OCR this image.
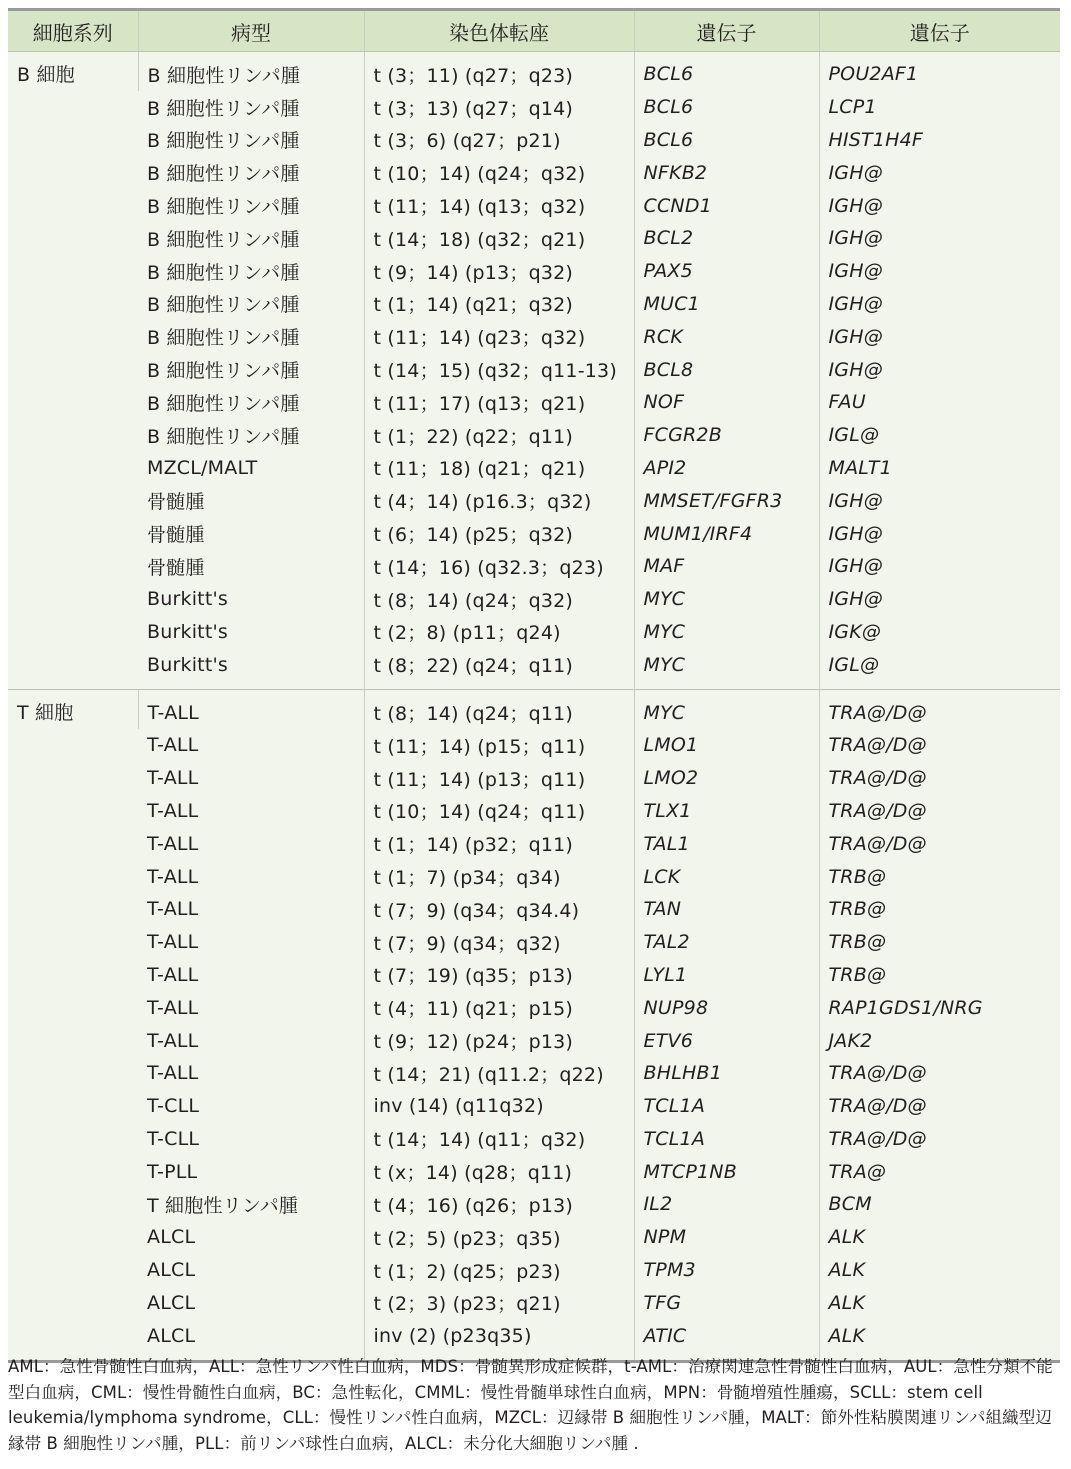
細胞系列	病型	染色体転座	遺伝子	遺伝子
B 細胞	B 細胞性リンパ腫	t (3；11) (q27；q23)	BCL6	POU2AF1
	B 細胞性リンパ腫	t (3；13) (q27；q14)	BCL6	LCP1
	B 細胞性リンパ腫	t (3；6) (q27；p21)	BCL6	HIST1H4F
	B 細胞性リンパ腫	t (10；14) (q24；q32)	NFKB2	IGH@
	B 細胞性リンパ腫	t (11；14) (q13；q32)	CCND1	IGH@
	B 細胞性リンパ腫	t (14；18) (q32；q21)	BCL2	IGH@
	B 細胞性リンパ腫	t (9；14) (p13；q32)	PAX5	IGH@
	B 細胞性リンパ腫	t (1；14) (q21；q32)	MUC1	IGH@
	B 細胞性リンパ腫	t (11；14) (q23；q32)	RCK	IGH@
	B 細胞性リンパ腫	t (14；15) (q32；q11-13)	BCL8	IGH@
	B 細胞性リンパ腫	t (11；17) (q13；q21)	NOF	FAU
	B 細胞性リンパ腫	t (1；22) (q22；q11)	FCGR2B	IGL@
	MZCL/MALT	t (11；18) (q21；q21)	API2	MALT1
	骨髄腫	t (4；14) (p16.3；q32)	MMSET/FGFR3	IGH@
	骨髄腫	t (6；14) (p25；q32)	MUM1/IRF4	IGH@
	骨髄腫	t (14；16) (q32.3；q23)	MAF	IGH@
	Burkitt's	t (8；14) (q24；q32)	MYC	IGH@
	Burkitt's	t (2；8) (p11；q24)	MYC	IGK@
	Burkitt's	t (8；22) (q24；q11)	MYC	IGL@
T 細胞	T-ALL	t (8；14) (q24；q11)	MYC	TRA@/D@
	T-ALL	t (11；14) (p15；q11)	LMO1	TRA@/D@
	T-ALL	t (11；14) (p13；q11)	LMO2	TRA@/D@
	T-ALL	t (10；14) (q24；q11)	TLX1	TRA@/D@
	T-ALL	t (1；14) (p32；q11)	TAL1	TRA@/D@
	T-ALL	t (1；7) (p34；q34)	LCK	TRB@
	T-ALL	t (7；9) (q34；q34.4)	TAN	TRB@
	T-ALL	t (7；9) (q34；q32)	TAL2	TRB@
	T-ALL	t (7；19) (q35；p13)	LYL1	TRB@
	T-ALL	t (4；11) (q21；p15)	NUP98	RAP1GDS1/NRG
	T-ALL	t (9；12) (p24；p13)	ETV6	JAK2
	T-ALL	t (14；21) (q11.2；q22)	BHLHB1	TRA@/D@
	T-CLL	inv (14) (q11q32)	TCL1A	TRA@/D@
	T-CLL	t (14；14) (q11；q32)	TCL1A	TRA@/D@
	T-PLL	t (x；14) (q28；q11)	MTCP1NB	TRA@
	T 細胞性リンパ腫	t (4；16) (q26；p13)	IL2	BCM
	ALCL	t (2；5) (p23；q35)	NPM	ALK
	ALCL	t (1；2) (q25；p23)	TPM3	ALK
	ALCL	t (2；3) (p23；q21)	TFG	ALK
	ALCL	inv (2) (p23q35)	ATIC	ALK
AML：急性骨髄性白血病，ALL：急性リンパ性白血病，MDS：骨髄異形成症候群，t-AML：治療関連急性骨髄性白血病，AUL：急性分類不能型白血病，CML：慢性骨髄性白血病，BC：急性転化，CMML：慢性骨髄単球性白血病，MPN：骨髄増殖性腫瘍，SCLL：stem cell leukemia/lymphoma syndrome，CLL：慢性リンパ性白血病，MZCL：辺縁帯 B 細胞性リンパ腫，MALT：節外性粘膜関連リンパ組織型辺縁帯 B 細胞性リンパ腫，PLL：前リンパ球性白血病，ALCL：未分化大細胞リンパ腫 .
